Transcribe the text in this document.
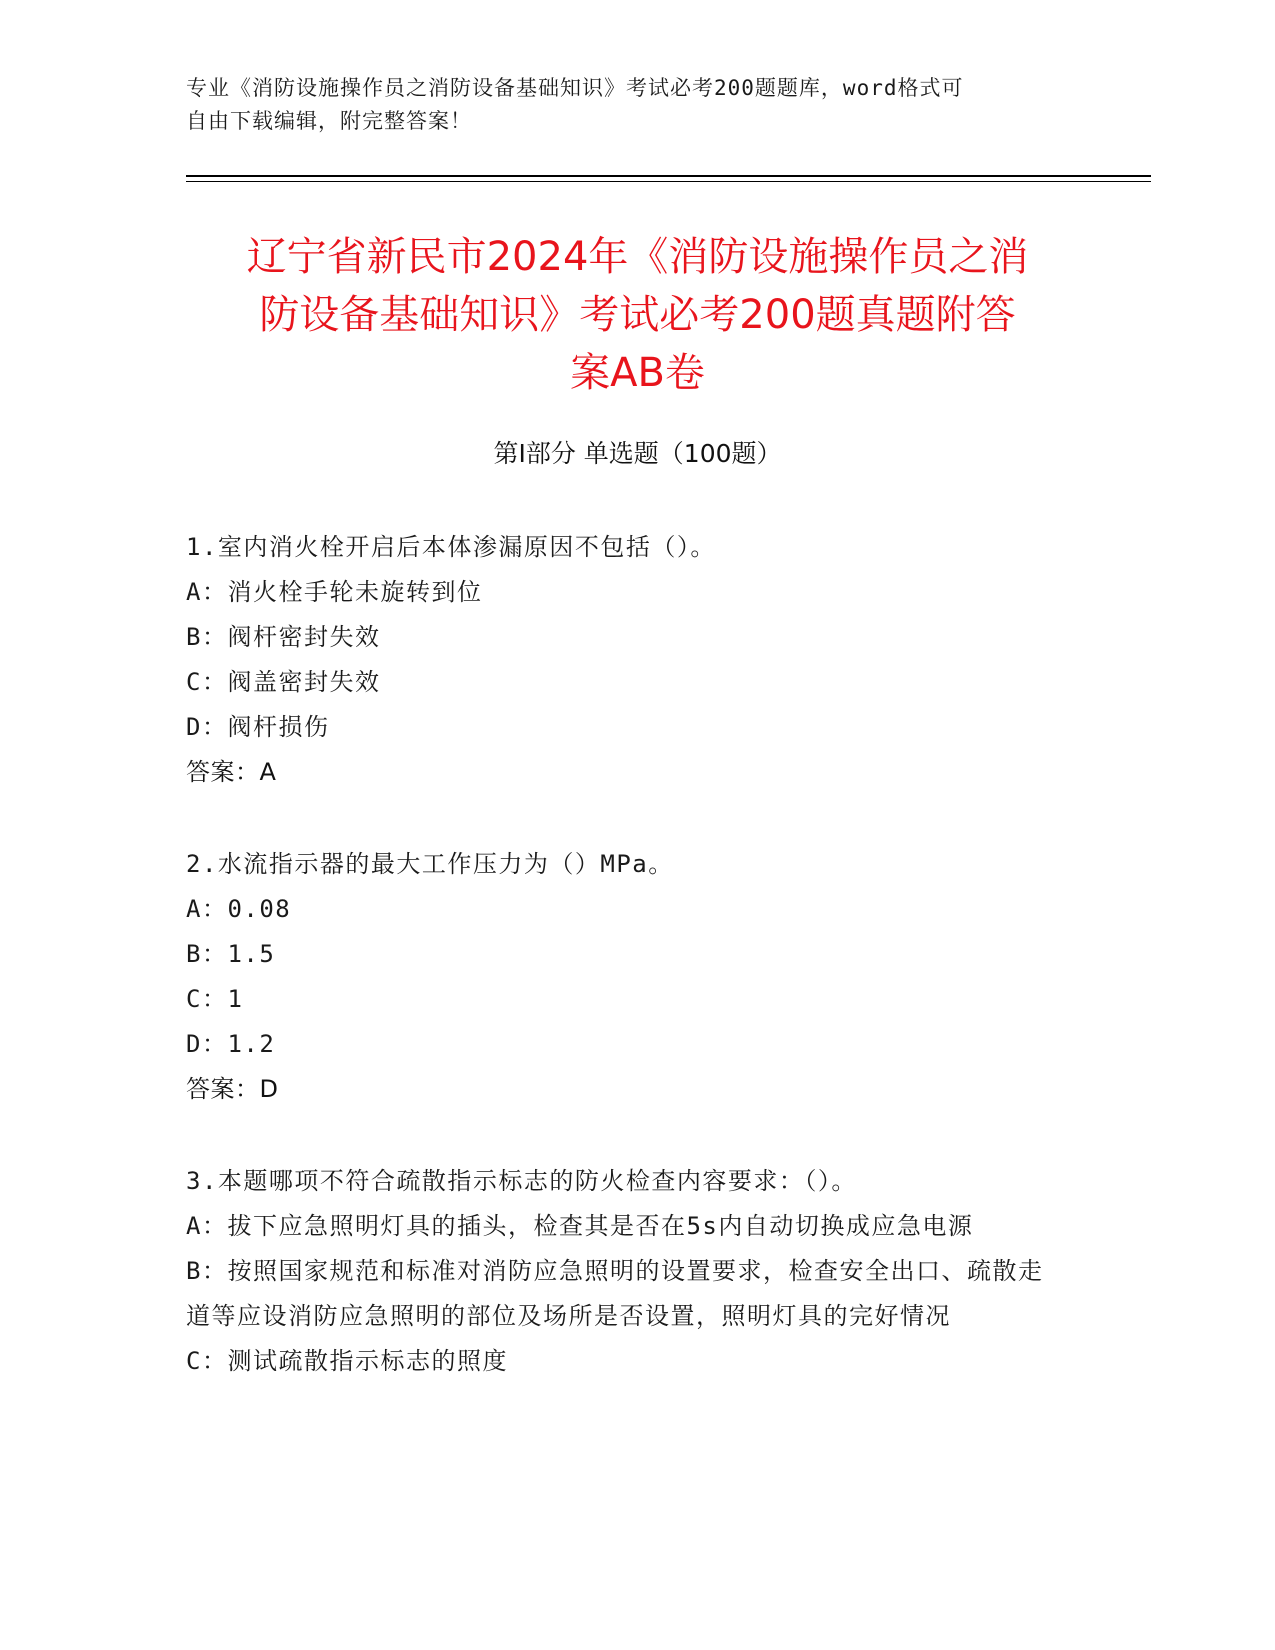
专业《消防设施操作员之消防设备基础知识》考试必考200题题库，word格式可
自由下载编辑，附完整答案！
辽宁省新民市2024年《消防设施操作员之消
防设备基础知识》考试必考200题真题附答
案AB卷
第Ⅰ部分 单选题（100题）
1.室内消火栓开启后本体渗漏原因不包括（）。
A：消火栓手轮未旋转到位
B：阀杆密封失效
C：阀盖密封失效
D：阀杆损伤
答案：A
2.水流指示器的最大工作压力为（）MPa。
A：0.08
B：1.5
C：1
D：1.2
答案：D
3.本题哪项不符合疏散指示标志的防火检查内容要求：（）。
A：拔下应急照明灯具的插头，检查其是否在5s内自动切换成应急电源
B：按照国家规范和标准对消防应急照明的设置要求，检查安全出口、疏散走道等应设消防应急照明的部位及场所是否设置，照明灯具的完好情况
C：测试疏散指示标志的照度
